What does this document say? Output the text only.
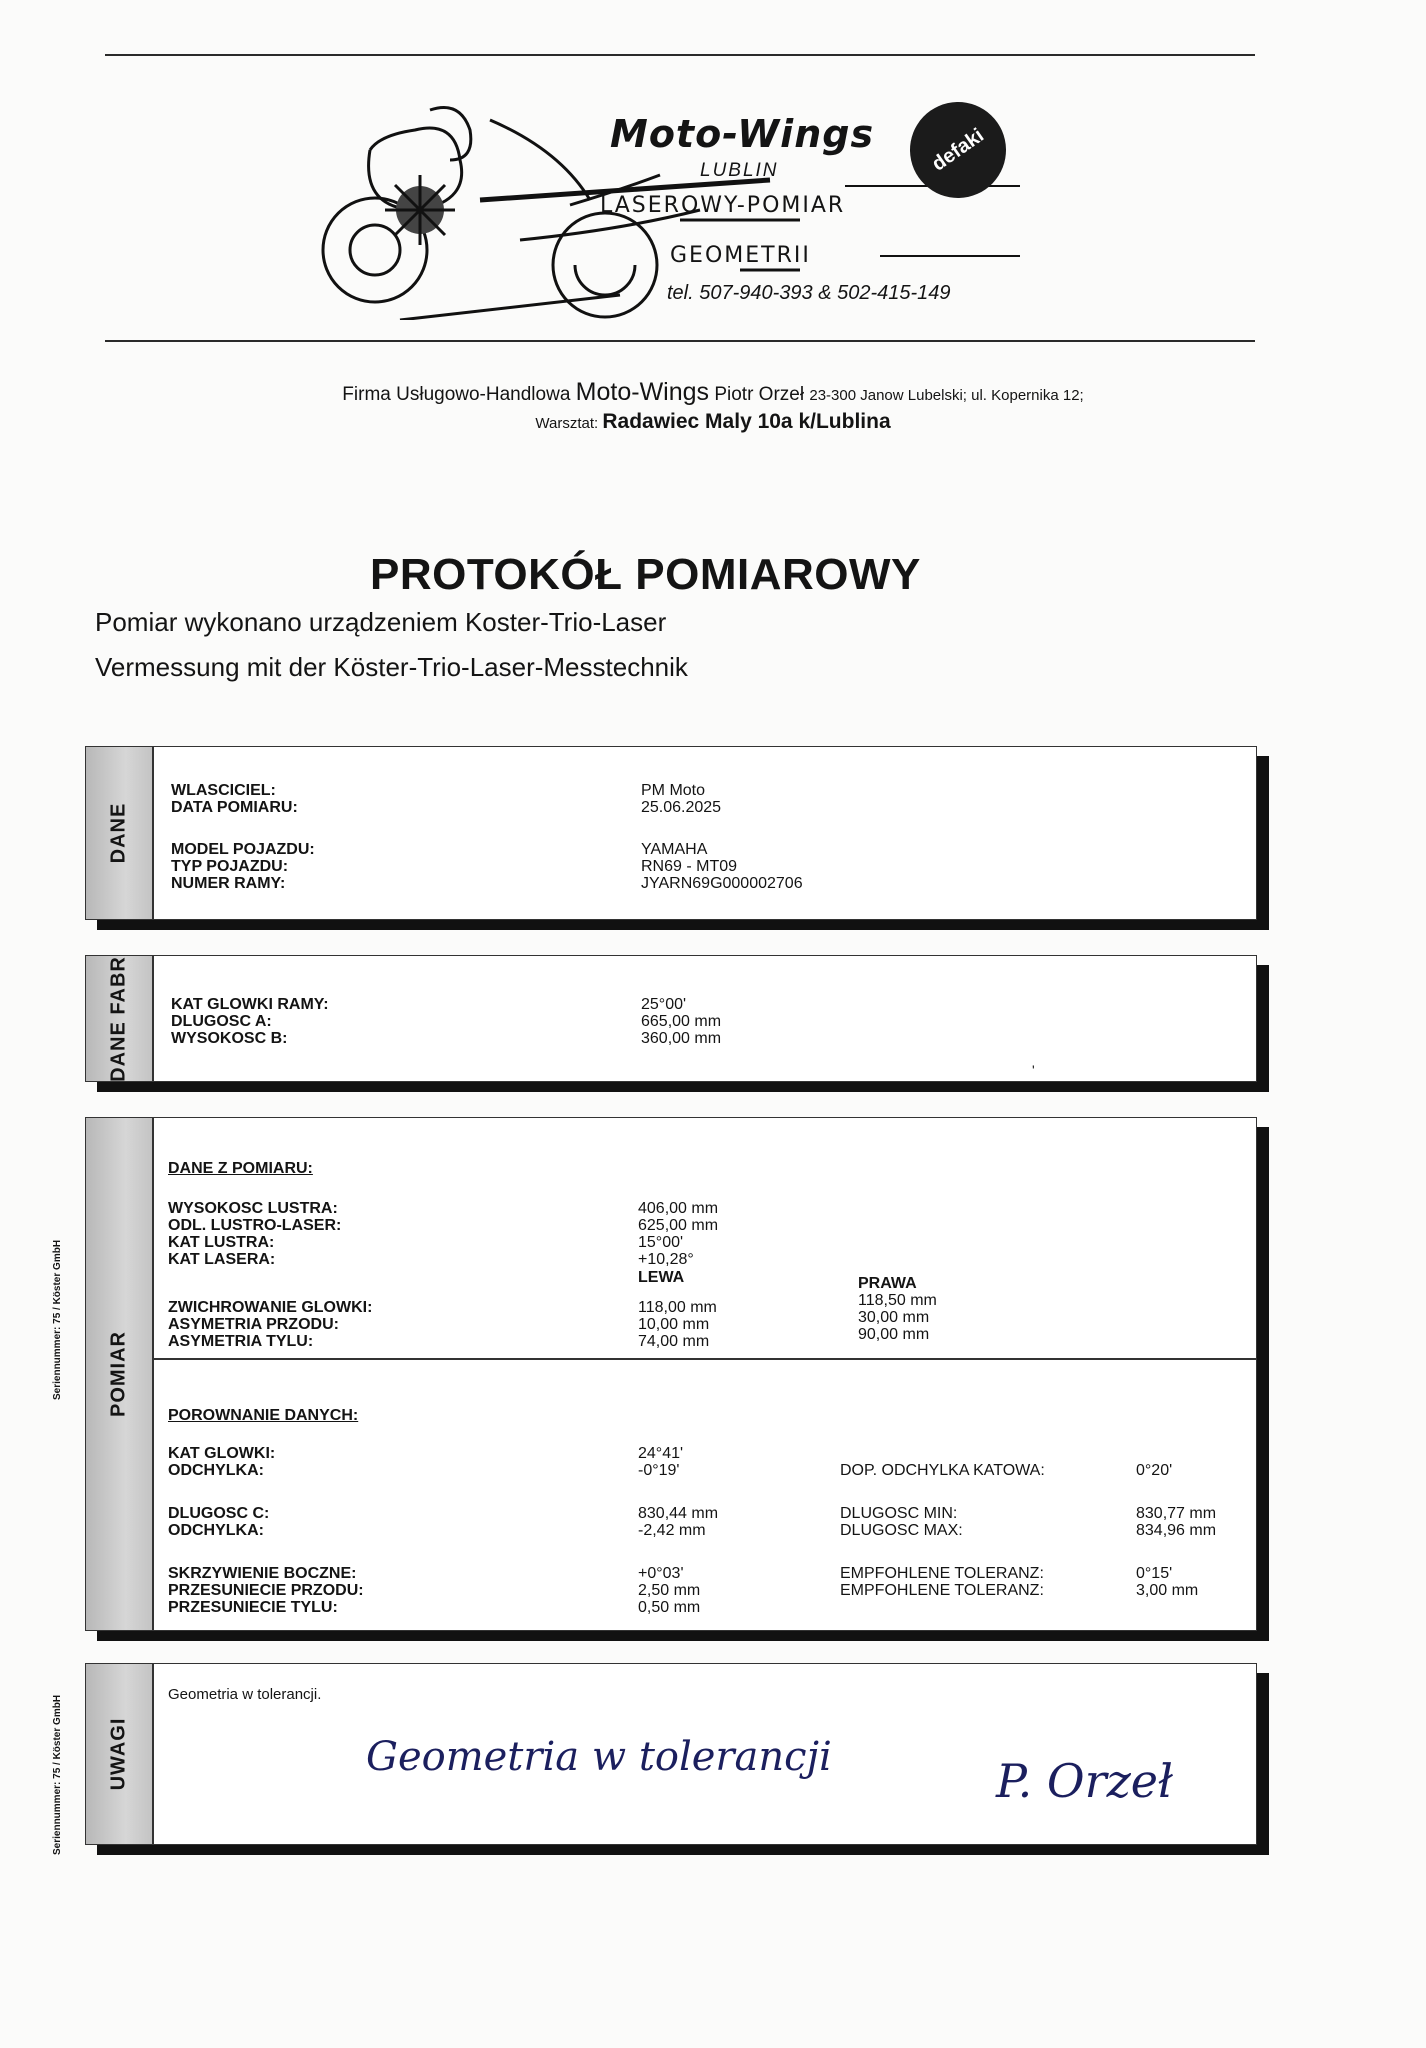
Moto-Wings
LUBLIN
LASEROWY-POMIAR
GEOMETRII
tel. 507-940-393 & 502-415-149
defaki
Firma Usługowo-Handlowa Moto-Wings Piotr Orzeł 23-300 Janow Lubelski; ul. Kopernika 12;
Warsztat: Radawiec Maly 10a k/Lublina
PROTOKÓŁ POMIAROWY
Pomiar wykonano urządzeniem Koster-Trio-Laser
Vermessung mit der Köster-Trio-Laser-Messtechnik
DANE
WLASCICIEL:	PM Moto
DATA POMIARU:	25.06.2025
MODEL POJAZDU:	YAMAHA
TYP POJAZDU:	RN69 - MT09
NUMER RAMY:	JYARN69G000002706
DANE FABR	KAT GLOWKI RAMY:	25°00'
DLUGOSC A:	665,00 mm
WYSOKOSC B:	360,00 mm
'
POMIAR
DANE Z POMIARU:
WYSOKOSC LUSTRA:	406,00 mm
ODL. LUSTRO-LASER:	625,00 mm
KAT LUSTRA:	15°00'
KAT LASERA:	+10,28°
LEWA	PRAWA
ZWICHROWANIE GLOWKI:	118,00 mm	118,50 mm
ASYMETRIA PRZODU:	10,00 mm	30,00 mm
ASYMETRIA TYLU:	74,00 mm	90,00 mm
POROWNANIE DANYCH:
KAT GLOWKI:	24°41'
ODCHYLKA:	-0°19'	DOP. ODCHYLKA KATOWA:	0°20'
DLUGOSC C:	830,44 mm	DLUGOSC MIN:	830,77 mm
ODCHYLKA:	-2,42 mm	DLUGOSC MAX:	834,96 mm
SKRZYWIENIE BOCZNE:	+0°03'	EMPFOHLENE TOLERANZ:	0°15'
PRZESUNIECIE PRZODU:	2,50 mm	EMPFOHLENE TOLERANZ:	3,00 mm
PRZESUNIECIE TYLU:	0,50 mm
Seriennummer: 75 / Köster GmbH
UWAGI
Geometria w tolerancji.
Geometria w tolerancji	P. Orzeł
Seriennummer: 75 / Köster GmbH
